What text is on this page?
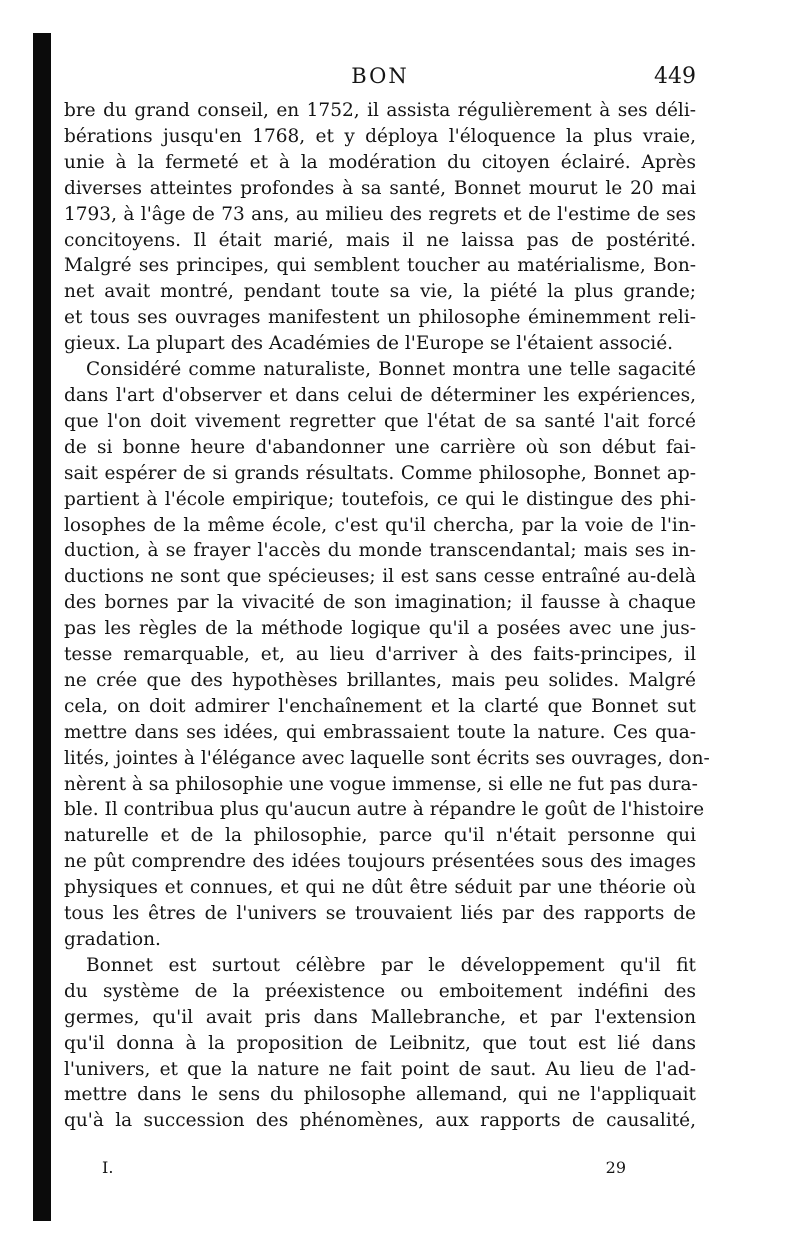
BON	449
bre du grand conseil, en 1752, il assista régulièrement à ses déli-
bérations jusqu'en 1768, et y déploya l'éloquence la plus vraie,
unie à la fermeté et à la modération du citoyen éclairé. Après
diverses atteintes profondes à sa santé, Bonnet mourut le 20 mai
1793, à l'âge de 73 ans, au milieu des regrets et de l'estime de ses
concitoyens. Il était marié, mais il ne laissa pas de postérité.
Malgré ses principes, qui semblent toucher au matérialisme, Bon-
net avait montré, pendant toute sa vie, la piété la plus grande;
et tous ses ouvrages manifestent un philosophe éminemment reli-
gieux. La plupart des Académies de l'Europe se l'étaient associé.
Considéré comme naturaliste, Bonnet montra une telle sagacité
dans l'art d'observer et dans celui de déterminer les expériences,
que l'on doit vivement regretter que l'état de sa santé l'ait forcé
de si bonne heure d'abandonner une carrière où son début fai-
sait espérer de si grands résultats. Comme philosophe, Bonnet ap-
partient à l'école empirique; toutefois, ce qui le distingue des phi-
losophes de la même école, c'est qu'il chercha, par la voie de l'in-
duction, à se frayer l'accès du monde transcendantal; mais ses in-
ductions ne sont que spécieuses; il est sans cesse entraîné au-delà
des bornes par la vivacité de son imagination; il fausse à chaque
pas les règles de la méthode logique qu'il a posées avec une jus-
tesse remarquable, et, au lieu d'arriver à des faits-principes, il
ne crée que des hypothèses brillantes, mais peu solides. Malgré
cela, on doit admirer l'enchaînement et la clarté que Bonnet sut
mettre dans ses idées, qui embrassaient toute la nature. Ces qua-
lités, jointes à l'élégance avec laquelle sont écrits ses ouvrages, don-
nèrent à sa philosophie une vogue immense, si elle ne fut pas dura-
ble. Il contribua plus qu'aucun autre à répandre le goût de l'histoire
naturelle et de la philosophie, parce qu'il n'était personne qui
ne pût comprendre des idées toujours présentées sous des images
physiques et connues, et qui ne dût être séduit par une théorie où
tous les êtres de l'univers se trouvaient liés par des rapports de
gradation.
Bonnet est surtout célèbre par le développement qu'il fit
du système de la préexistence ou emboitement indéfini des
germes, qu'il avait pris dans Mallebranche, et par l'extension
qu'il donna à la proposition de Leibnitz, que tout est lié dans
l'univers, et que la nature ne fait point de saut. Au lieu de l'ad-
mettre dans le sens du philosophe allemand, qui ne l'appliquait
qu'à la succession des phénomènes, aux rapports de causalité,
I.	29
